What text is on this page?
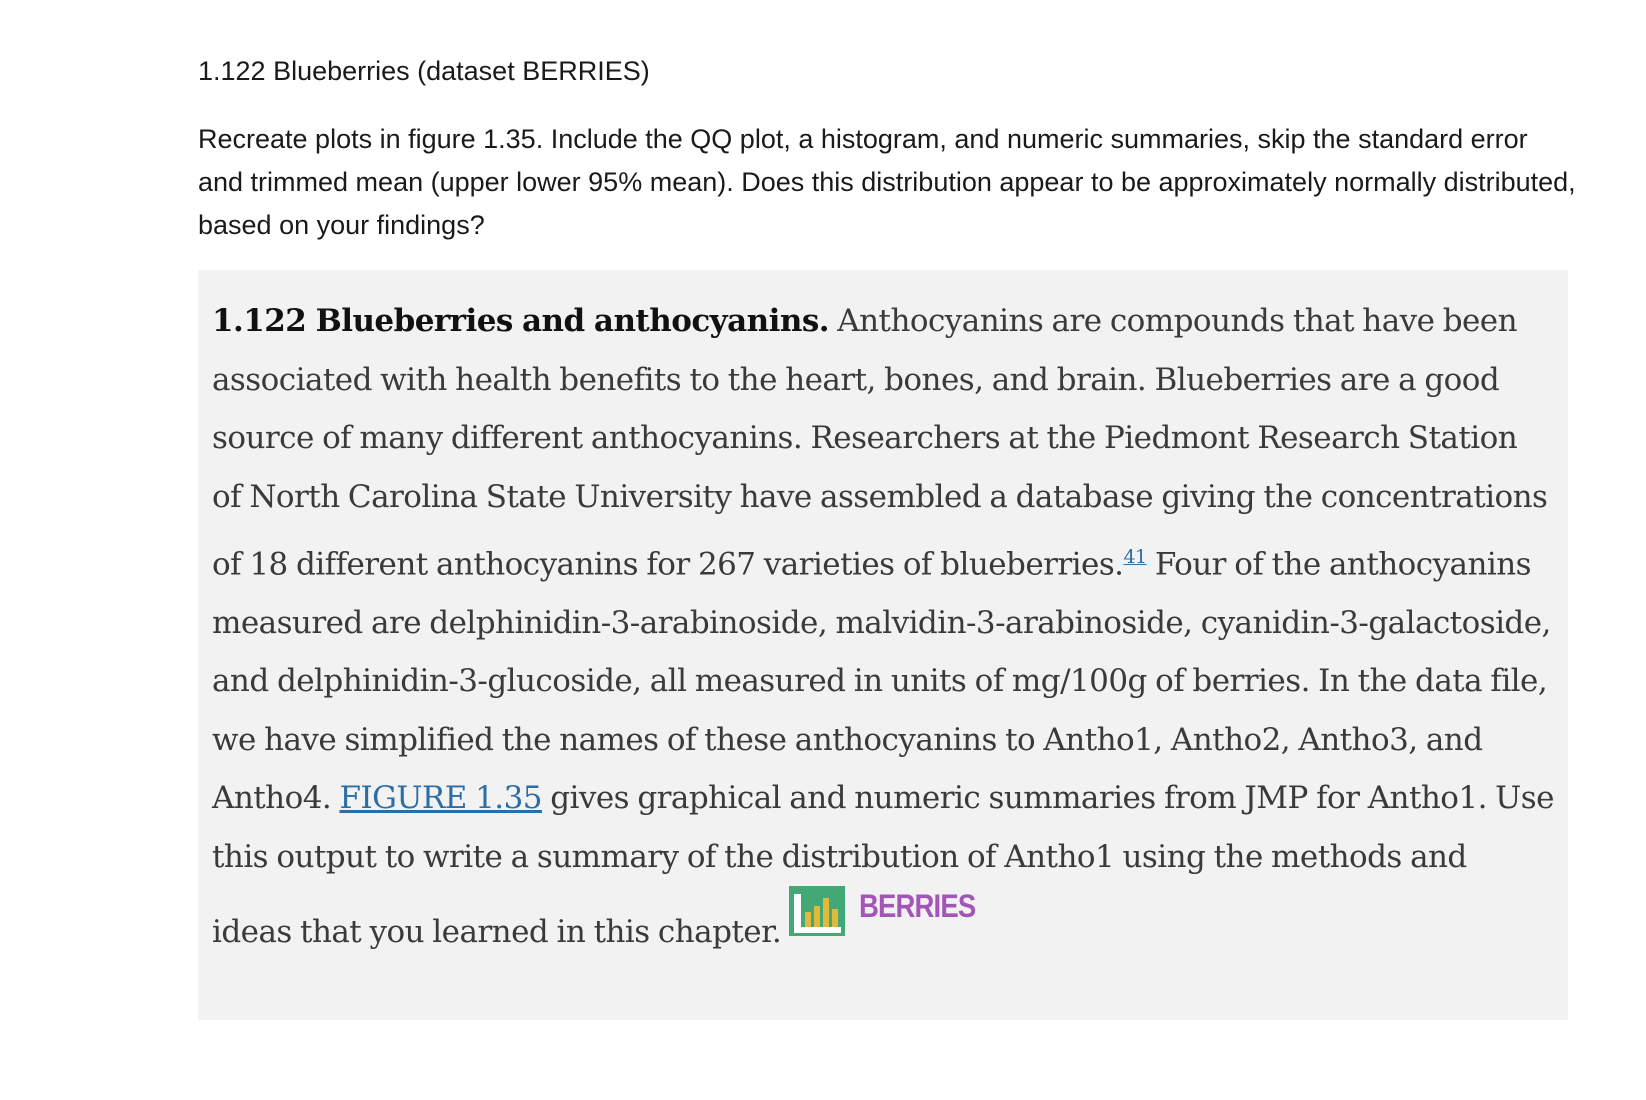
1.122 Blueberries (dataset BERRIES)

Recreate plots in figure 1.35. Include the QQ plot, a histogram, and numeric summaries, skip the standard error and trimmed mean (upper lower 95% mean). Does this distribution appear to be approximately normally distributed, based on your findings?

1.122 Blueberries and anthocyanins. Anthocyanins are compounds that have been associated with health benefits to the heart, bones, and brain. Blueberries are a good source of many different anthocyanins. Researchers at the Piedmont Research Station of North Carolina State University have assembled a database giving the concentrations of 18 different anthocyanins for 267 varieties of blueberries.$^{41}$ Four of the anthocyanins measured are delphinidin-3-arabinoside, malvidin-3-arabinoside, cyanidin-3-galactoside, and delphinidin-3-glucoside, all measured in units of mg/100g of berries. In the data file, we have simplified the names of these anthocyanins to Antho1, Antho2, Antho3, and Antho4. FIGURE 1.35 gives graphical and numeric summaries from JMP for Antho1. Use this output to write a summary of the distribution of Antho1 using the methods and ideas that you learned in this chapter.
BERRIES
